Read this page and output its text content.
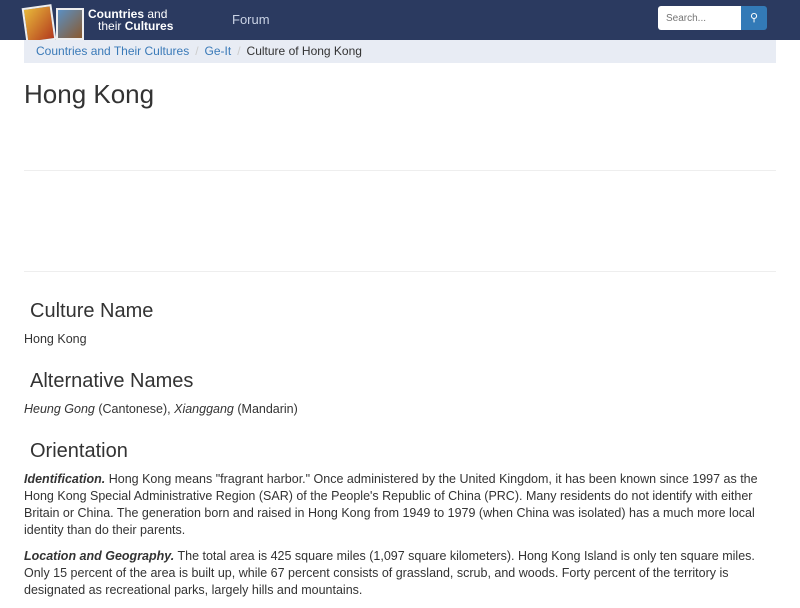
Countries and
their Cultures	Forum
Search...	⚲
Countries and Their Cultures / Ge-It / Culture of Hong Kong
Hong Kong
Culture Name

Hong Kong

Alternative Names

Heung Gong (Cantonese), Xianggang (Mandarin)

Orientation

Identification. Hong Kong means "fragrant harbor." Once administered by the United Kingdom, it has been known since 1997 as the Hong Kong Special Administrative Region (SAR) of the People's Republic of China (PRC). Many residents do not identify with either Britain or China. The generation born and raised in Hong Kong from 1949 to 1979 (when China was isolated) has a much more local identity than do their parents.

Location and Geography. The total area is 425 square miles (1,097 square kilometers). Hong Kong Island is only ten square miles. Only 15 percent of the area is built up, while 67 percent consists of grassland, scrub, and woods. Forty percent of the territory is designated as recreational parks, largely hills and mountains.
